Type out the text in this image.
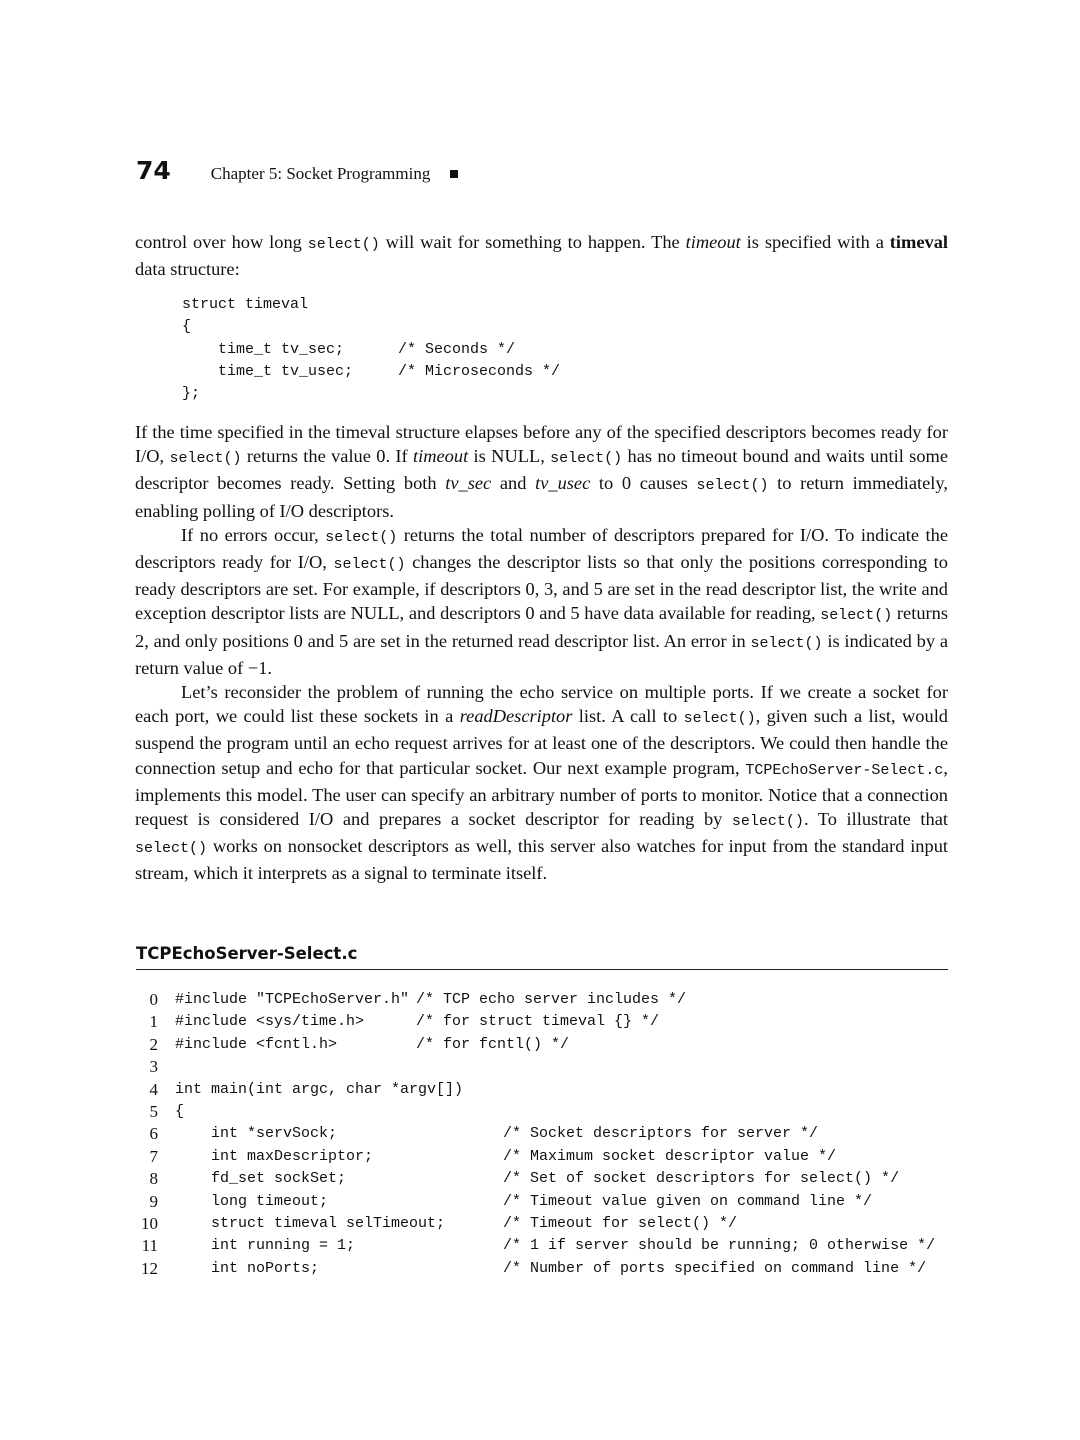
74 Chapter 5: Socket Programming

control over how long select() will wait for something to happen. The timeout is specified with a timeval data structure:

struct timeval
{
time_t tv_sec;      /* Seconds */
time_t tv_usec;     /* Microseconds */
};

If the time specified in the timeval structure elapses before any of the specified descriptors becomes ready for I/O, select() returns the value 0. If timeout is NULL, select() has no timeout bound and waits until some descriptor becomes ready. Setting both tv_sec and tv_usec to 0 causes select() to return immediately, enabling polling of I/O descriptors.

If no errors occur, select() returns the total number of descriptors prepared for I/O. To indicate the descriptors ready for I/O, select() changes the descriptor lists so that only the positions corresponding to ready descriptors are set. For example, if descriptors 0, 3, and 5 are set in the read descriptor list, the write and exception descriptor lists are NULL, and descriptors 0 and 5 have data available for reading, select() returns 2, and only positions 0 and 5 are set in the returned read descriptor list. An error in select() is indicated by a return value of −1.

Let’s reconsider the problem of running the echo service on multiple ports. If we create a socket for each port, we could list these sockets in a readDescriptor list. A call to select(), given such a list, would suspend the program until an echo request arrives for at least one of the descriptors. We could then handle the connection setup and echo for that particular socket. Our next example program, TCPEchoServer-Select.c, implements this model. The user can specify an arbitrary number of ports to monitor. Notice that a connection request is considered I/O and prepares a socket descriptor for reading by select(). To illustrate that select() works on nonsocket descriptors as well, this server also watches for input from the standard input stream, which it interprets as a signal to terminate itself.

TCPEchoServer-Select.c
0 #include "TCPEchoServer.h" /* TCP echo server includes */
1 #include <sys/time.h>	/* for struct timeval {} */
2 #include <fcntl.h>	/* for fcntl() */
3
4 int main(int argc, char *argv[])
5 {
6 int *servSock;	/* Socket descriptors for server */
7 int maxDescriptor;	/* Maximum socket descriptor value */
8 fd_set sockSet;	/* Set of socket descriptors for select() */
9 long timeout;	/* Timeout value given on command line */
10 struct timeval selTimeout;	/* Timeout for select() */
11 int running = 1;	/* 1 if server should be running; 0 otherwise */
12 int noPorts;	/* Number of ports specified on command line */
